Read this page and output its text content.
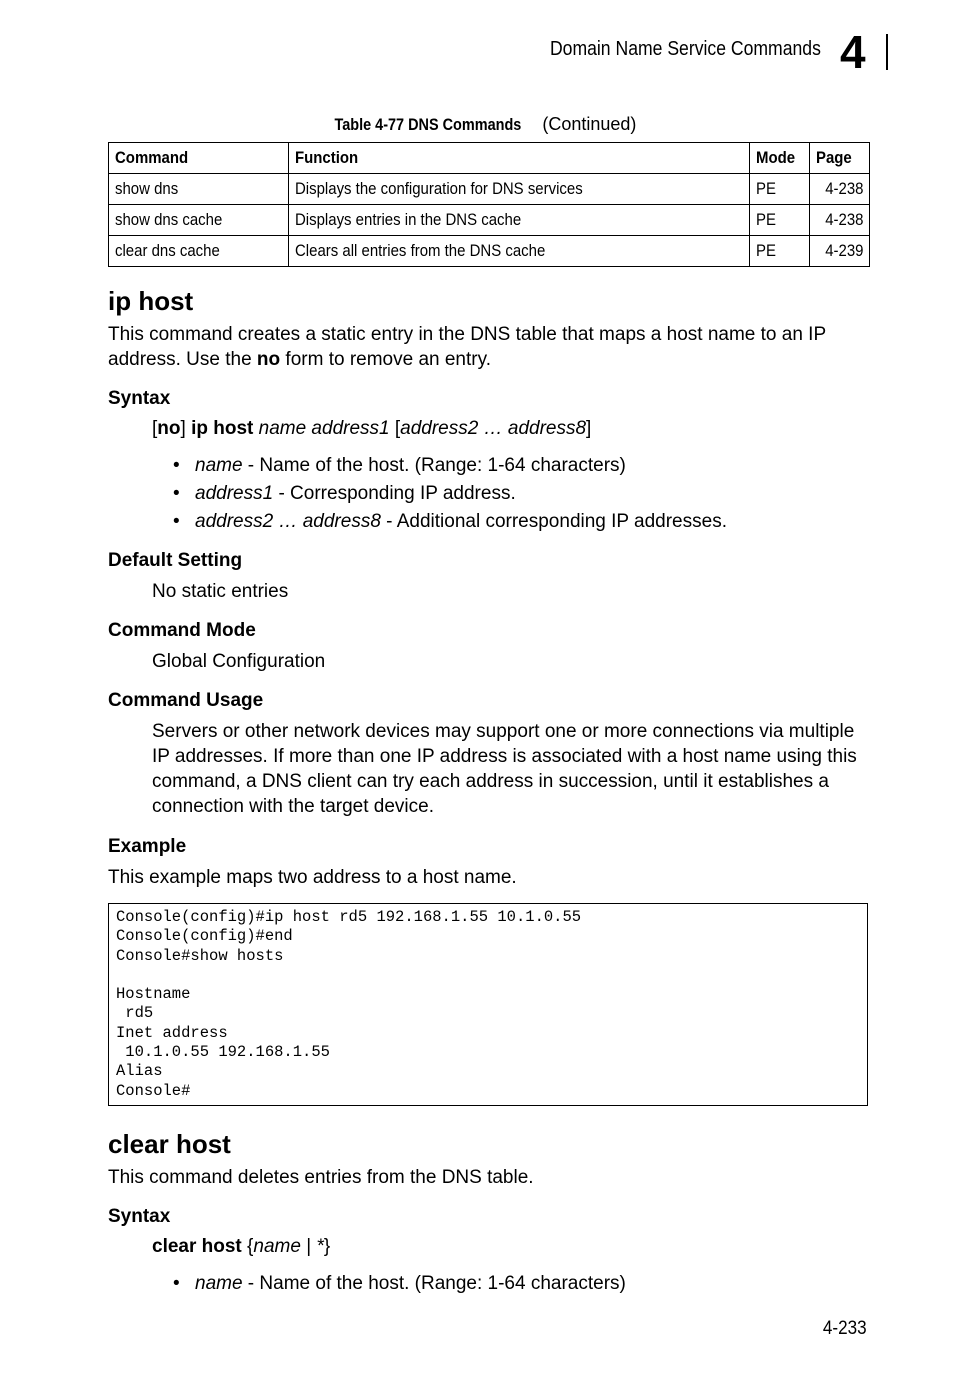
Domain Name Service Commands 4
Table 4-77 DNS Commands (Continued)
Command	Function	Mode	Page
show dns	Displays the configuration for DNS services	PE	4-238
show dns cache	Displays entries in the DNS cache	PE	4-238
clear dns cache	Clears all entries from the DNS cache	PE	4-239
ip host

This command creates a static entry in the DNS table that maps a host name to an IP address. Use the no form to remove an entry.

Syntax
[no] ip host name address1 [address2 … address8]
• name - Name of the host. (Range: 1-64 characters)
• address1 - Corresponding IP address.
• address2 … address8 - Additional corresponding IP addresses.
Default Setting

No static entries

Command Mode

Global Configuration

Command Usage

Servers or other network devices may support one or more connections via multiple IP addresses. If more than one IP address is associated with a host name using this command, a DNS client can try each address in succession, until it establishes a connection with the target device.

Example

This example maps two address to a host name.

Console(config)#ip host rd5 192.168.1.55 10.1.0.55
Console(config)#end
Console#show hosts

Hostname
rd5
Inet address
10.1.0.55 192.168.1.55
Alias
Console#
clear host

This command deletes entries from the DNS table.

Syntax
clear host {name | *}
• name - Name of the host. (Range: 1-64 characters)
4-233
